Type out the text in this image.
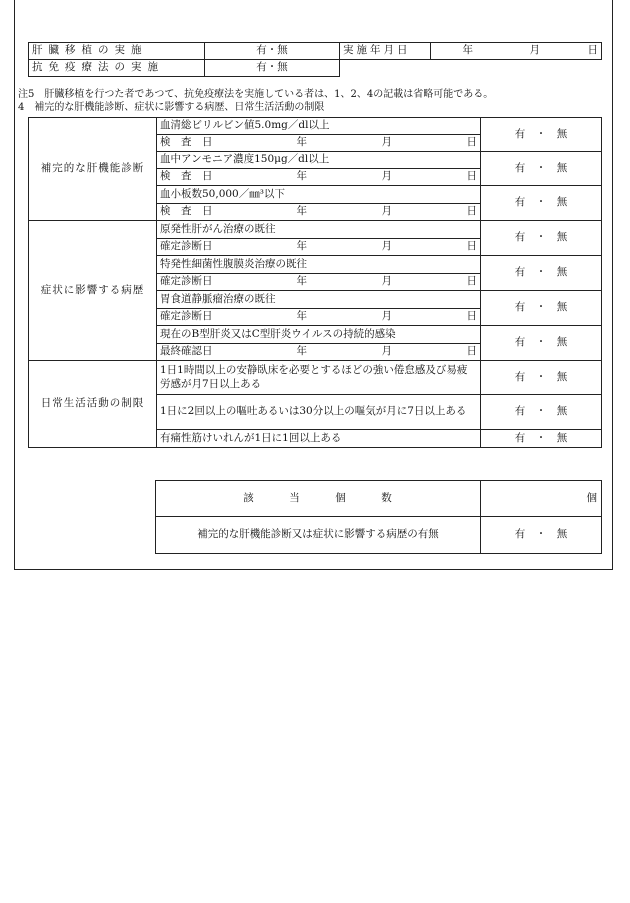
肝臓移植の実施	有・無	実施年月日	年 月 日

抗免疫療法の実施	有・無		
注5　肝臓移植を行つた者であつて、抗免疫療法を実施している者は、1、2、4の記載は省略可能である。
4　補完的な肝機能診断、症状に影響する病歴、日常生活活動の制限
補完的な肝機能診断	血清総ビリルビン値5.0mg／dl以上	有　・　無

	検　査　日 年 月 日	

	血中アンモニア濃度150μg／dl以上	有　・　無

	検　査　日 年 月 日	

	血小板数50,000／㎜³以下	有　・　無

	検　査　日 年 月 日	

症状に影響する病歴	原発性肝がん治療の既往	有　・　無

	確定診断日 年 月 日	

	特発性細菌性腹膜炎治療の既往	有　・　無

	確定診断日 年 月 日	

	胃食道静脈瘤治療の既往	有　・　無

	確定診断日 年 月 日	

	現在のB型肝炎又はC型肝炎ウイルスの持続的感染	有　・　無

	最終確認日 年 月 日	

日常生活活動の制限	1日1時間以上の安静臥床を必要とするほどの強い倦怠感及び易疲労感が月7日以上ある	有　・　無
	1日に2回以上の嘔吐あるいは30分以上の嘔気が月に7日以上ある	有　・　無
	有痛性筋けいれんが1日に1回以上ある	有　・　無
該　　　当　　　個　　　数	個
補完的な肝機能診断又は症状に影響する病歴の有無	有　・　無
